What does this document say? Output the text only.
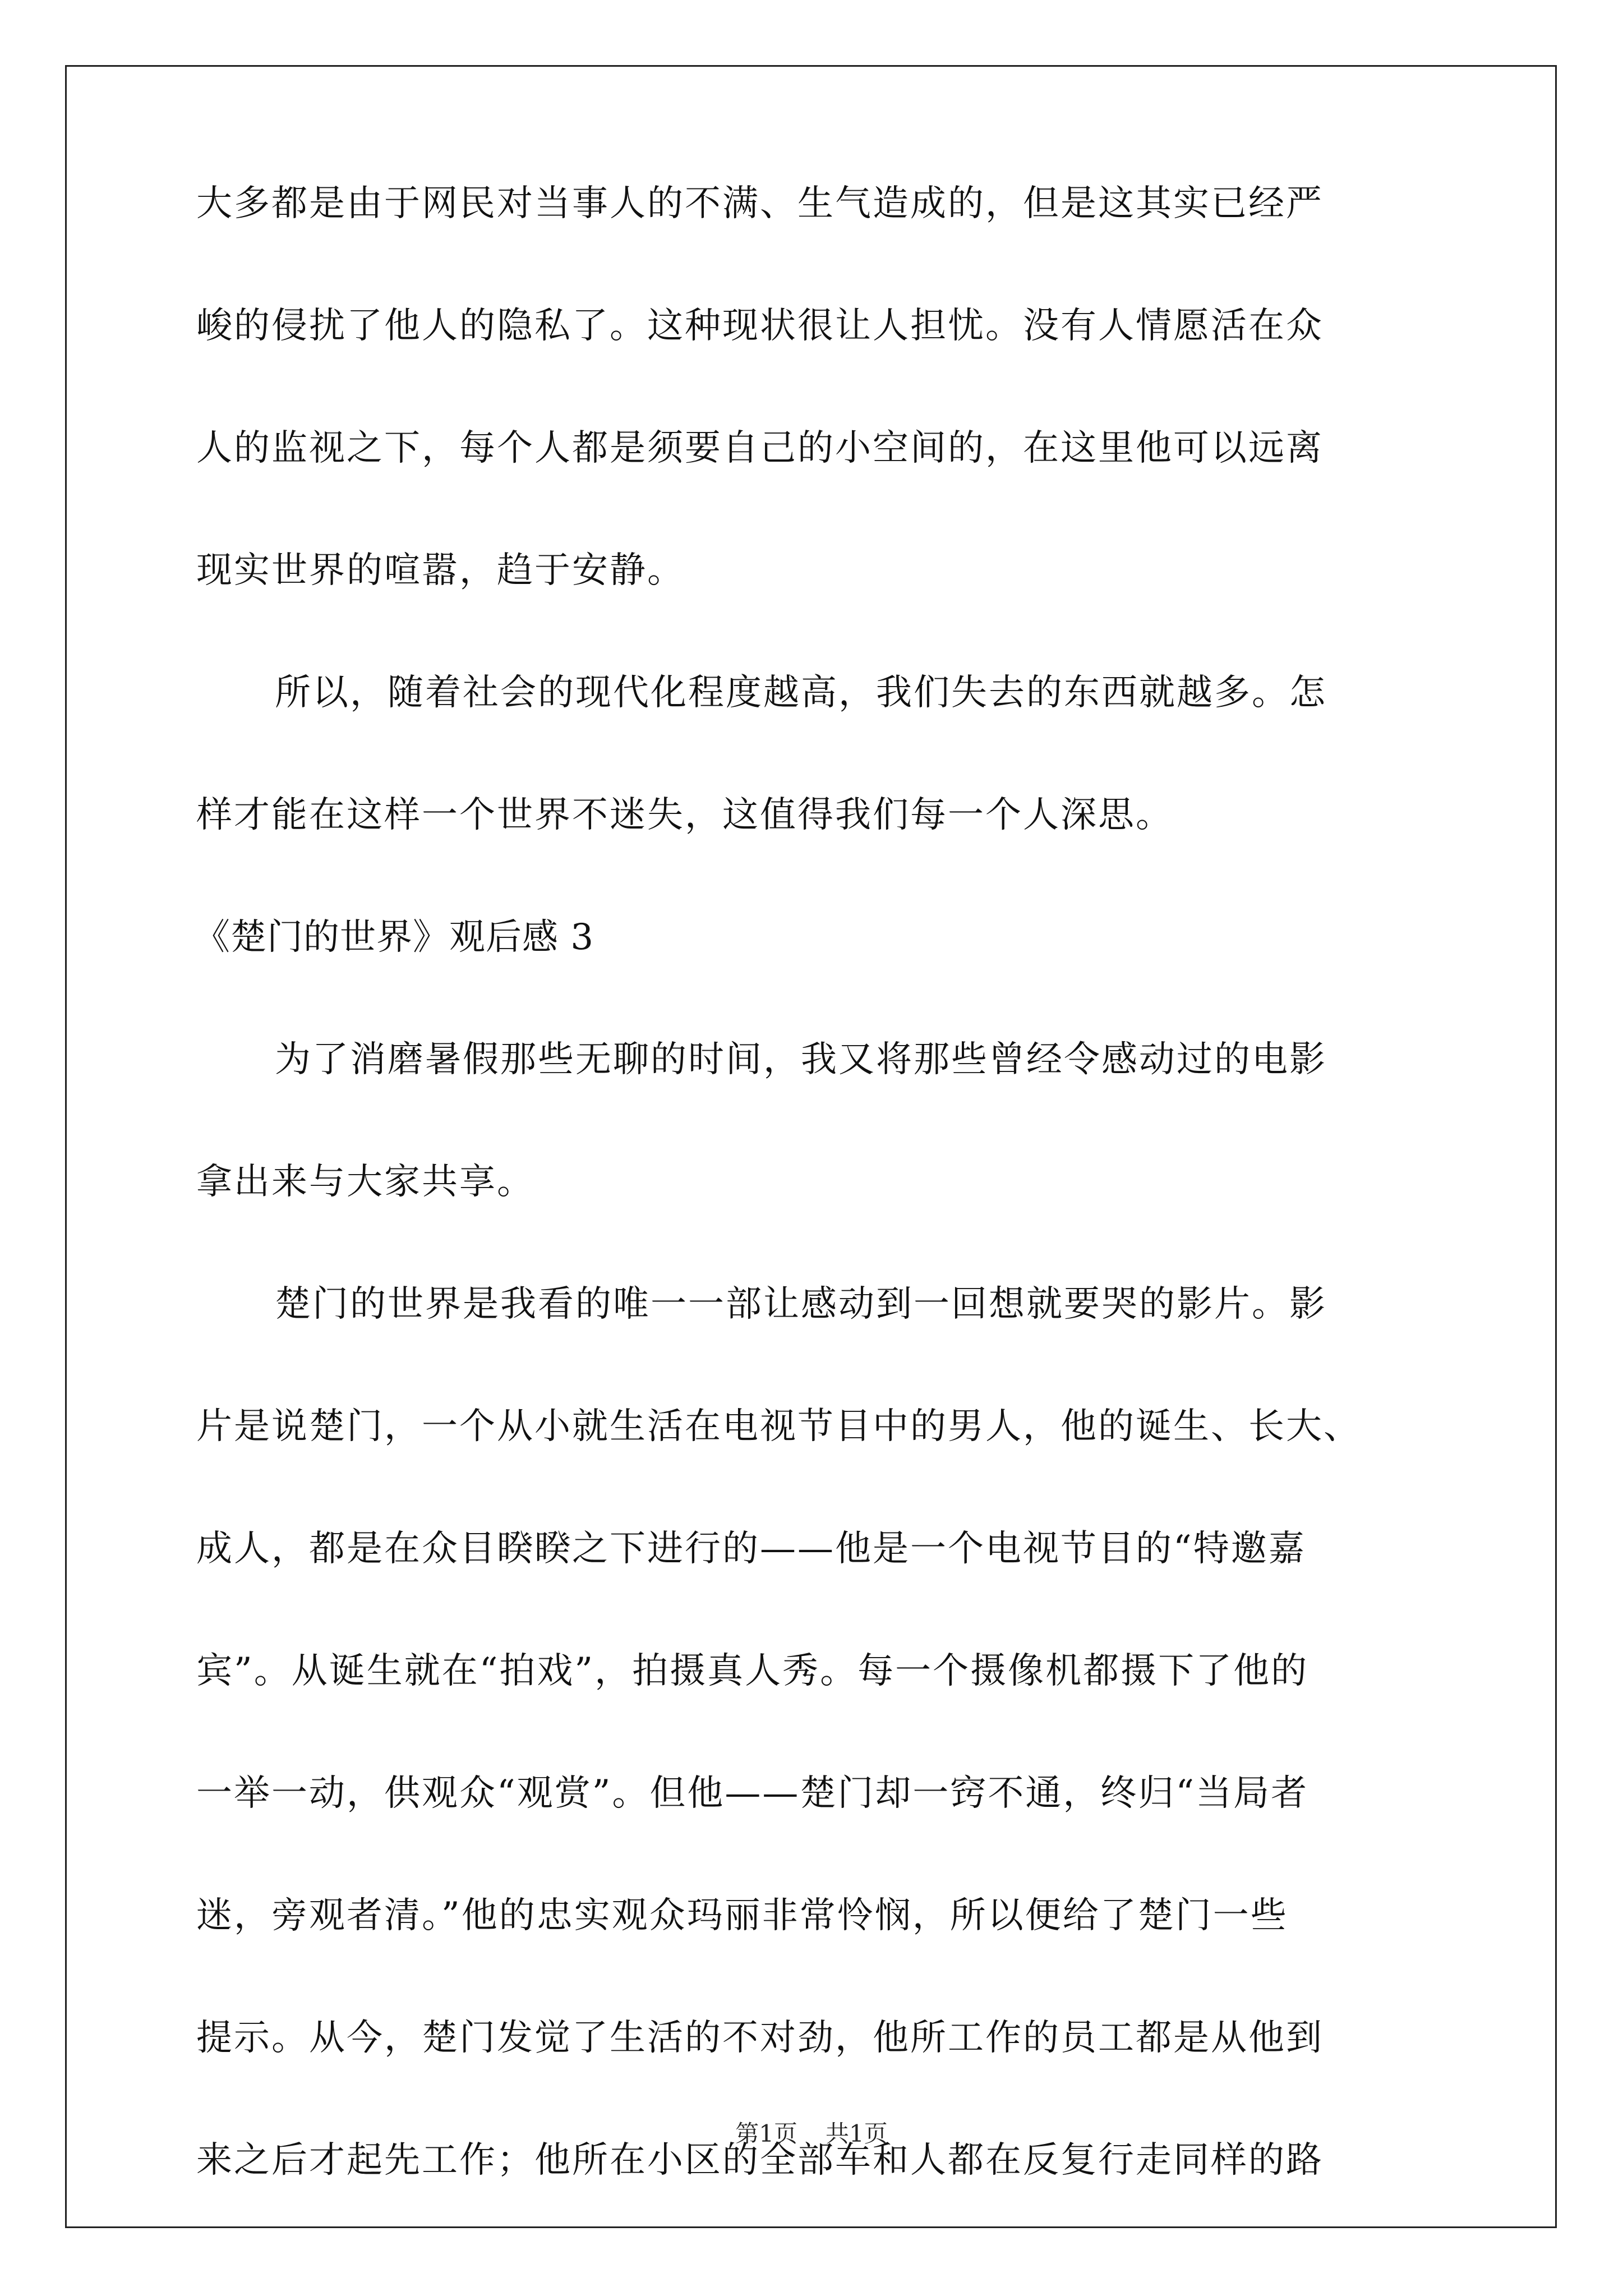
大多都是由于网民对当事人的不满、生气造成的，但是这其实已经严
峻的侵扰了他人的隐私了。这种现状很让人担忧。没有人情愿活在众
人的监视之下，每个人都是须要自己的小空间的，在这里他可以远离
现实世界的喧嚣，趋于安静。
所以，随着社会的现代化程度越高，我们失去的东西就越多。怎
样才能在这样一个世界不迷失，这值得我们每一个人深思。
《楚门的世界》观后感 3
为了消磨暑假那些无聊的时间，我又将那些曾经令感动过的电影
拿出来与大家共享。
楚门的世界是我看的唯一一部让感动到一回想就要哭的影片。影
片是说楚门，一个从小就生活在电视节目中的男人，他的诞生、长大、
成人，都是在众目睽睽之下进行的——他是一个电视节目的“特邀嘉
宾”。从诞生就在“拍戏”，拍摄真人秀。每一个摄像机都摄下了他的
一举一动，供观众“观赏”。但他——楚门却一窍不通，终归“当局者
迷，旁观者清。”他的忠实观众玛丽非常怜悯，所以便给了楚门一些
提示。从今，楚门发觉了生活的不对劲，他所工作的员工都是从他到
来之后才起先工作；他所在小区的全部车和人都在反复行走同样的路
第1页 共1页
